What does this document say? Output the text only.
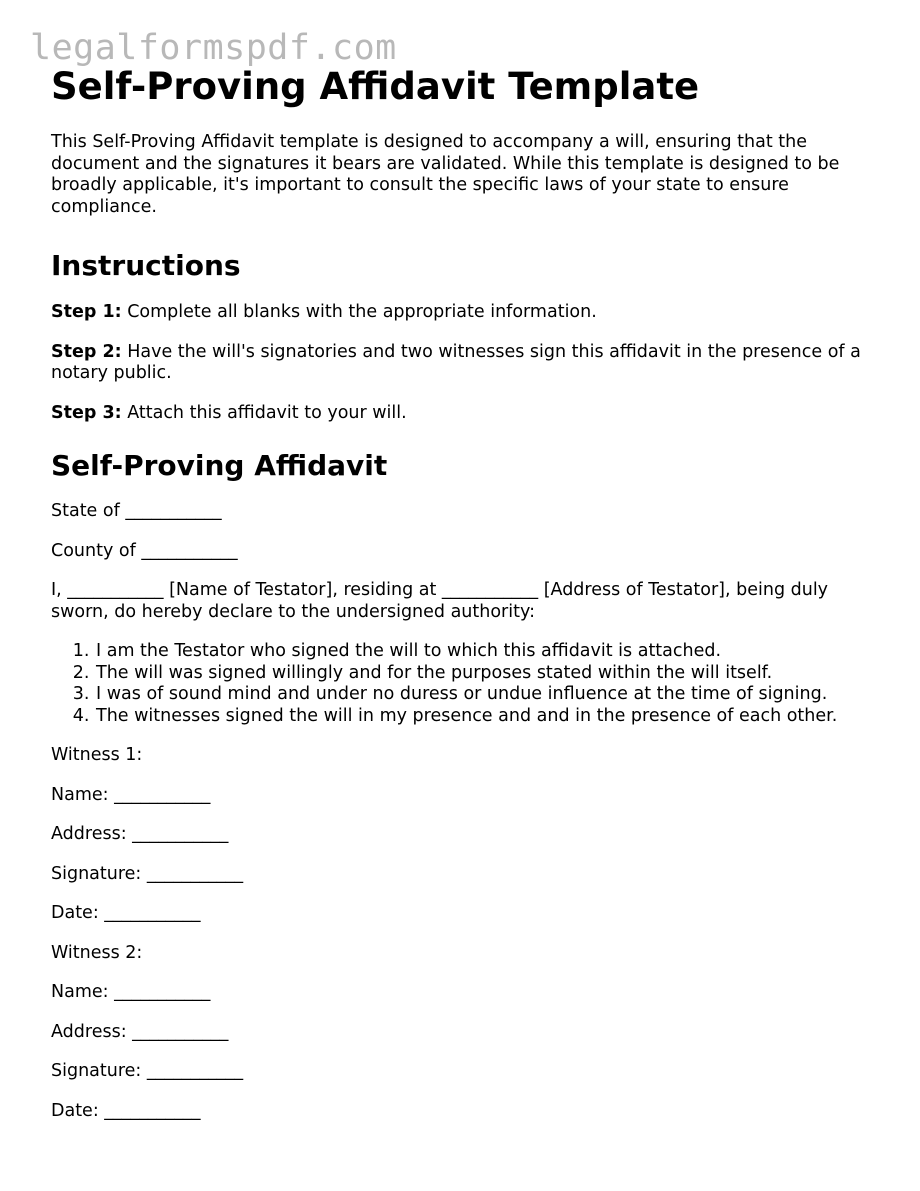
legalformspdf.com
Self-Proving Affidavit Template

This Self-Proving Affidavit template is designed to accompany a will, ensuring that the document and the signatures it bears are validated. While this template is designed to be broadly applicable, it's important to consult the specific laws of your state to ensure compliance.

Instructions

Step 1: Complete all blanks with the appropriate information.

Step 2: Have the will's signatories and two witnesses sign this affidavit in the presence of a notary public.

Step 3: Attach this affidavit to your will.

Self-Proving Affidavit

State of ___________

County of ___________

I, ___________ [Name of Testator], residing at ___________ [Address of Testator], being duly sworn, do hereby declare to the undersigned authority:

1. I am the Testator who signed the will to which this affidavit is attached.
2. The will was signed willingly and for the purposes stated within the will itself.
3. I was of sound mind and under no duress or undue influence at the time of signing.
4. The witnesses signed the will in my presence and and in the presence of each other.

Witness 1:

Name: ___________

Address: ___________

Signature: ___________

Date: ___________

Witness 2:

Name: ___________

Address: ___________

Signature: ___________

Date: ___________
